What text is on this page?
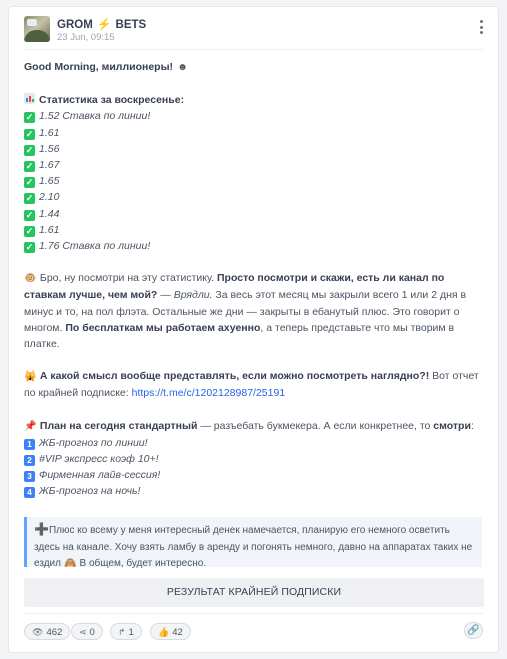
GROM ⚡ BETS
23 Jun, 09:15

Good Morning, миллионеры! ☻

Статистика за воскресенье:

✓ 1.52 Ставка по линии!

✓ 1.61

✓ 1.56

✓ 1.67

✓ 1.65

✓ 2.10

✓ 1.44

✓ 1.61

✓ 1.76 Ставка по линии!

🐵 Бро, ну посмотри на эту статистику. Просто посмотри и скажи, есть ли канал по ставкам лучше, чем мой? — Врядли. За весь этот месяц мы закрыли всего 1 или 2 дня в минус и то, на пол флэта. Остальные же дни — закрыты в ебанутый плюс. Это говорит о многом. По бесплаткам мы работаем ахуенно, а теперь представьте что мы творим в платке.

🙀 А какой смысл вообще представлять, если можно посмотреть наглядно?! Вот отчет по крайней подписке: https://t.me/c/1202128987/25191

📌 План на сегодня стандартный — разъебать букмекера. А если конкретнее, то смотри:

1 ЖБ-прогноз по линии!

2 #VIP экспресс коэф 10+!

3 Фирменная лайв-сессия!

4 ЖБ-прогноз на ночь!

➕Плюс ко всему у меня интересный денек намечается, планирую его немного осветить здесь на канале. Хочу взять ламбу в аренду и погонять немного, давно на аппаратах таких не ездил 🙈 В общем, будет интересно.
РЕЗУЛЬТАТ КРАЙНЕЙ ПОДПИСКИ
👁 462	⋖ 0	↱ 1	👍 42	🔗
